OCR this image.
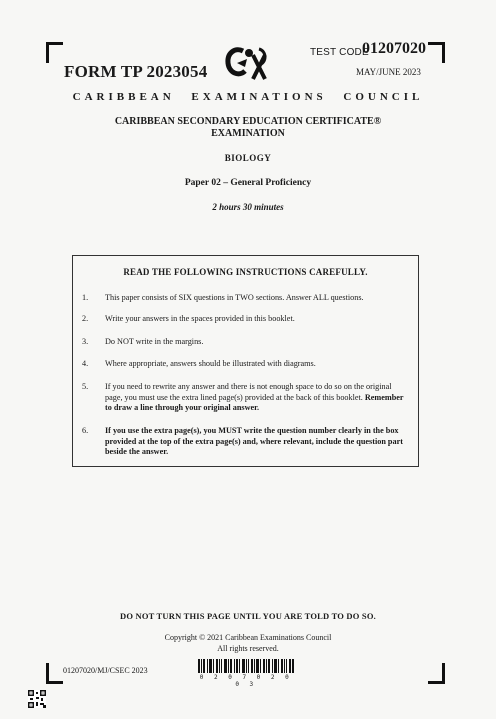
FORM TP 2023054
TEST CODE
01207020
MAY/JUNE 2023
CARIBBEAN EXAMINATIONS COUNCIL
CARIBBEAN SECONDARY EDUCATION CERTIFICATE®
EXAMINATION
BIOLOGY
Paper 02 – General Proficiency
2 hours 30 minutes
READ THE FOLLOWING INSTRUCTIONS CAREFULLY.
1. This paper consists of SIX questions in TWO sections. Answer ALL questions.
2. Write your answers in the spaces provided in this booklet.
3. Do NOT write in the margins.
4. Where appropriate, answers should be illustrated with diagrams.
5. If you need to rewrite any answer and there is not enough space to do so on the original page, you must use the extra lined page(s) provided at the back of this booklet. Remember to draw a line through your original answer.
6. If you use the extra page(s), you MUST write the question number clearly in the box provided at the top of the extra page(s) and, where relevant, include the question part beside the answer.
DO NOT TURN THIS PAGE UNTIL YOU ARE TOLD TO DO SO.
Copyright © 2021 Caribbean Examinations Council
All rights reserved.
01207020/MJ/CSEC 2023
0 2 0 7 0 2 0 0 3
